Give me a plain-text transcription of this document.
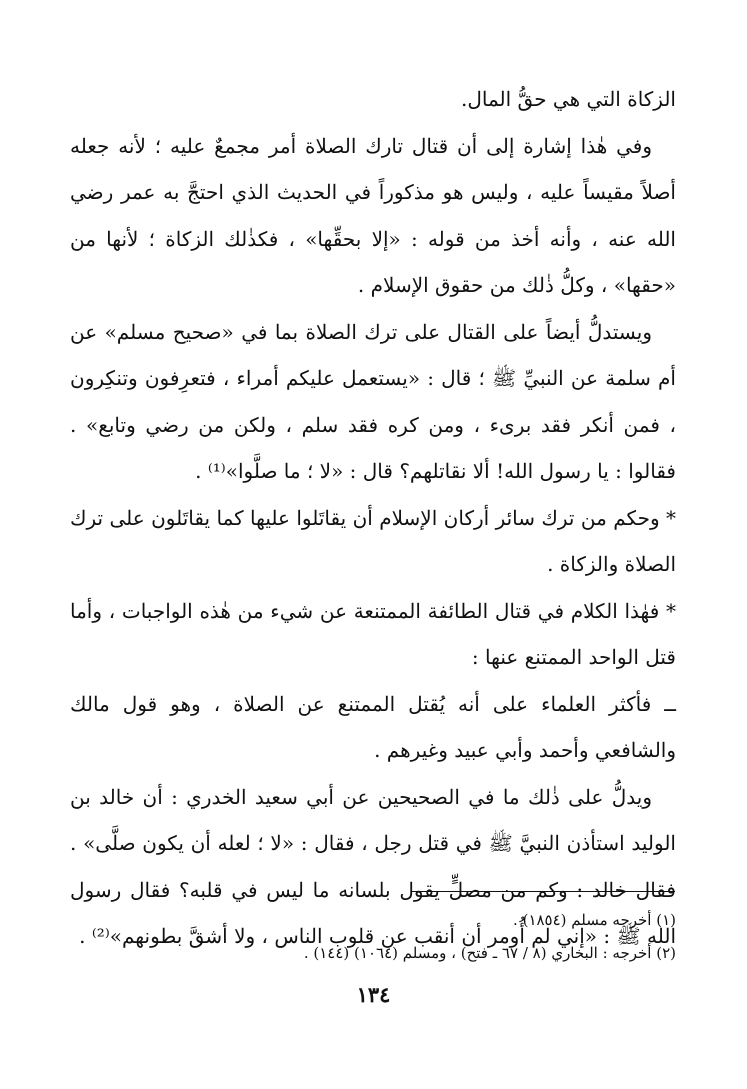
الزكاة التي هي حقُّ المال.

وفي هٰذا إشارة إلى أن قتال تارك الصلاة أمر مجمعٌ عليه ؛ لأنه جعله أصلاً مقيساً عليه ، وليس هو مذكوراً في الحديث الذي احتجَّ به عمر رضي الله عنه ، وأنه أخذ من قوله : «إلا بحقِّها» ، فكذٰلك الزكاة ؛ لأنها من «حقها» ، وكلُّ ذٰلك من حقوق الإسلام .

ويستدلُّ أيضاً على القتال على ترك الصلاة بما في «صحيح مسلم» عن أم سلمة عن النبيِّ ﷺ ؛ قال : «يستعمل عليكم أمراء ، فتعرِفون وتنكِرون ، فمن أنكر فقد برىء ، ومن كره فقد سلم ، ولكن من رضي وتابع» . فقالوا : يا رسول الله! ألا نقاتلهم؟ قال : «لا ؛ ما صلَّوا»⁽¹⁾ .

* وحكم من ترك سائر أركان الإسلام أن يقاتَلوا عليها كما يقاتَلون على ترك الصلاة والزكاة .

* فهٰذا الكلام في قتال الطائفة الممتنعة عن شيء من هٰذه الواجبات ، وأما قتل الواحد الممتنع عنها :

ــ فأكثر العلماء على أنه يُقتل الممتنع عن الصلاة ، وهو قول مالك والشافعي وأحمد وأبي عبيد وغيرهم .

ويدلُّ على ذٰلك ما في الصحيحين عن أبي سعيد الخدري : أن خالد بن الوليد استأذن النبيَّ ﷺ في قتل رجل ، فقال : «لا ؛ لعله أن يكون صلَّى» . فقال خالد : وكم من مصلٍّ يقول بلسانه ما ليس في قلبه؟ فقال رسول الله ﷺ : «إني لم أُومر أن أنقب عن قلوب الناس ، ولا أشقَّ بطونهم»⁽²⁾ .

(١) أخرجه مسلم (١٨٥٤) .

(٢) أخرجه : البخاري (٨ / ٦٧ ـ فتح) ، ومسلم (١٠٦٤) (١٤٤) .

١٣٤
